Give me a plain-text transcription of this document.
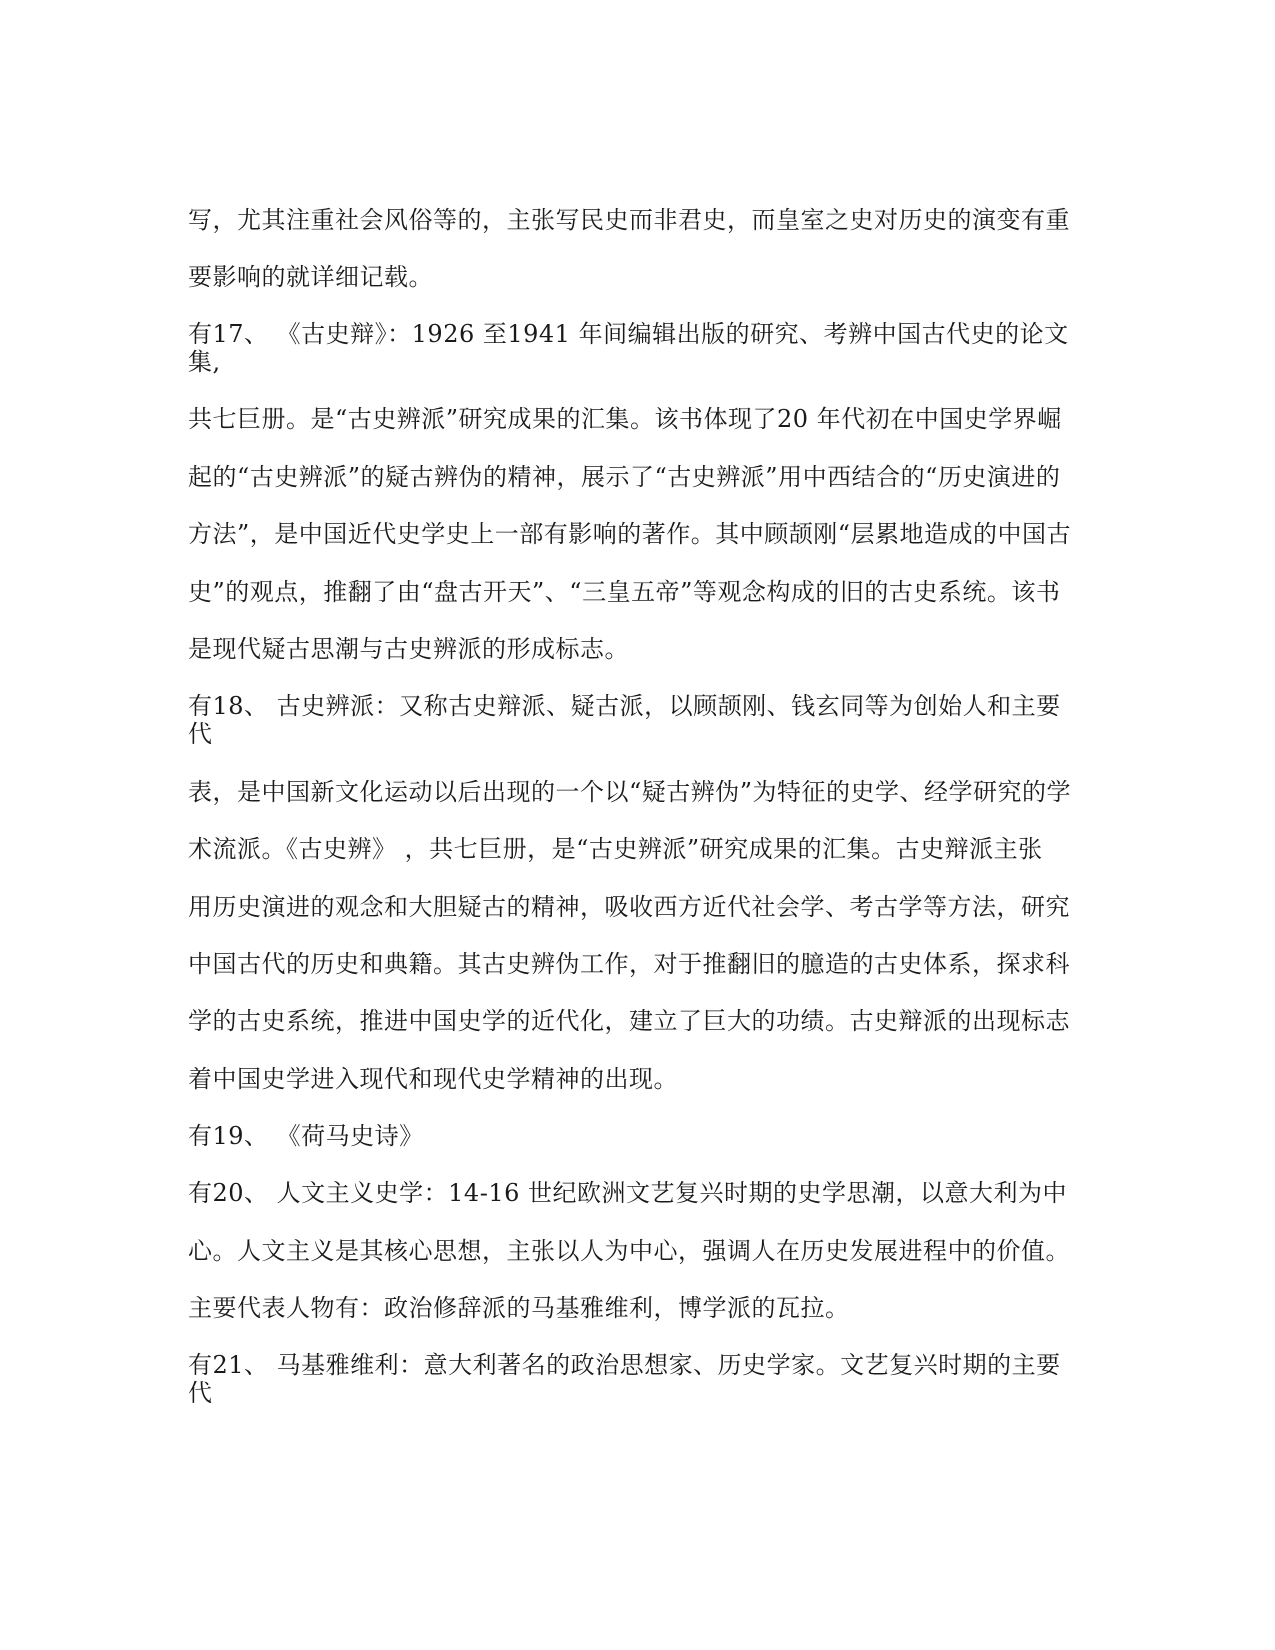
写，尤其注重社会风俗等的，主张写民史而非君史，而皇室之史对历史的演变有重
要影响的就详细记载。
有17、 《古史辩》：1926 至1941 年间编辑出版的研究、考辨中国古代史的论文
集,
共七巨册。是“古史辨派”研究成果的汇集。该书体现了20 年代初在中国史学界崛
起的“古史辨派”的疑古辨伪的精神，展示了“古史辨派”用中西结合的“历史演进的
方法”，是中国近代史学史上一部有影响的著作。其中顾颉刚“层累地造成的中国古
史”的观点，推翻了由“盘古开天”、“三皇五帝”等观念构成的旧的古史系统。该书
是现代疑古思潮与古史辨派的形成标志。
有18、 古史辨派：又称古史辩派、疑古派，以顾颉刚、钱玄同等为创始人和主要
代
表，是中国新文化运动以后出现的一个以“疑古辨伪”为特征的史学、经学研究的学
术流派。《古史辨》 ，共七巨册，是“古史辨派”研究成果的汇集。古史辩派主张
用历史演进的观念和大胆疑古的精神，吸收西方近代社会学、考古学等方法，研究
中国古代的历史和典籍。其古史辨伪工作，对于推翻旧的臆造的古史体系，探求科
学的古史系统，推进中国史学的近代化，建立了巨大的功绩。古史辩派的出现标志
着中国史学进入现代和现代史学精神的出现。
有19、 《荷马史诗》
有20、 人文主义史学：14-16 世纪欧洲文艺复兴时期的史学思潮，以意大利为中
心。人文主义是其核心思想，主张以人为中心，强调人在历史发展进程中的价值。
主要代表人物有：政治修辞派的马基雅维利，博学派的瓦拉。
有21、 马基雅维利：意大利著名的政治思想家、历史学家。文艺复兴时期的主要
代
